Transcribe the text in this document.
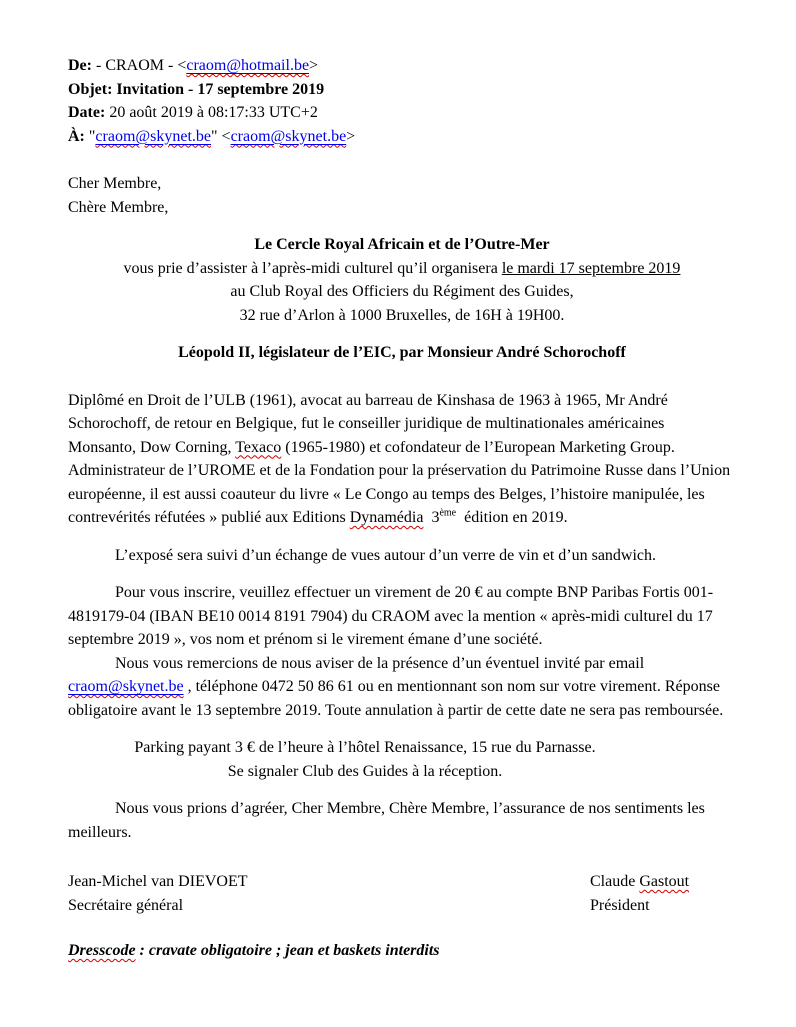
De: - CRAOM - <craom@hotmail.be>

Objet: Invitation - 17 septembre 2019

Date: 20 août 2019 à 08:17:33 UTC+2

À: "craom@skynet.be" <craom@skynet.be>

Cher Membre,

Chère Membre,

Le Cercle Royal Africain et de l’Outre-Mer

vous prie d’assister à l’après-midi culturel qu’il organisera le mardi 17 septembre 2019

au Club Royal des Officiers du Régiment des Guides,

32 rue d’Arlon à 1000 Bruxelles, de 16H à 19H00.

Léopold II, législateur de l’EIC, par Monsieur André Schorochoff

Diplômé en Droit de l’ULB (1961), avocat au barreau de Kinshasa de 1963 à 1965, Mr André Schorochoff, de retour en Belgique, fut le conseiller juridique de multinationales américaines Monsanto, Dow Corning, Texaco (1965-1980) et cofondateur de l’European Marketing Group. Administrateur de l’UROME et de la Fondation pour la préservation du Patrimoine Russe dans l’Union européenne, il est aussi coauteur du livre « Le Congo au temps des Belges, l’histoire manipulée, les contrevérités réfutées » publié aux Editions Dynamédia  3ème  édition en 2019.

L’exposé sera suivi d’un échange de vues autour d’un verre de vin et d’un sandwich.

Pour vous inscrire, veuillez effectuer un virement de 20 € au compte BNP Paribas Fortis 001-4819179-04 (IBAN BE10 0014 8191 7904) du CRAOM avec la mention « après-midi culturel du 17 septembre 2019 », vos nom et prénom si le virement émane d’une société.

Nous vous remercions de nous aviser de la présence d’un éventuel invité par email craom@skynet.be , téléphone 0472 50 86 61 ou en mentionnant son nom sur votre virement. Réponse obligatoire avant le 13 septembre 2019. Toute annulation à partir de cette date ne sera pas remboursée.

Parking payant 3 € de l’heure à l’hôtel Renaissance, 15 rue du Parnasse.

Se signaler Club des Guides à la réception.

Nous vous prions d’agréer, Cher Membre, Chère Membre, l’assurance de nos sentiments les meilleurs.

Jean-Michel van DIEVOET

Secrétaire général

Claude Gastout

Président

Dresscode : cravate obligatoire ; jean et baskets interdits
